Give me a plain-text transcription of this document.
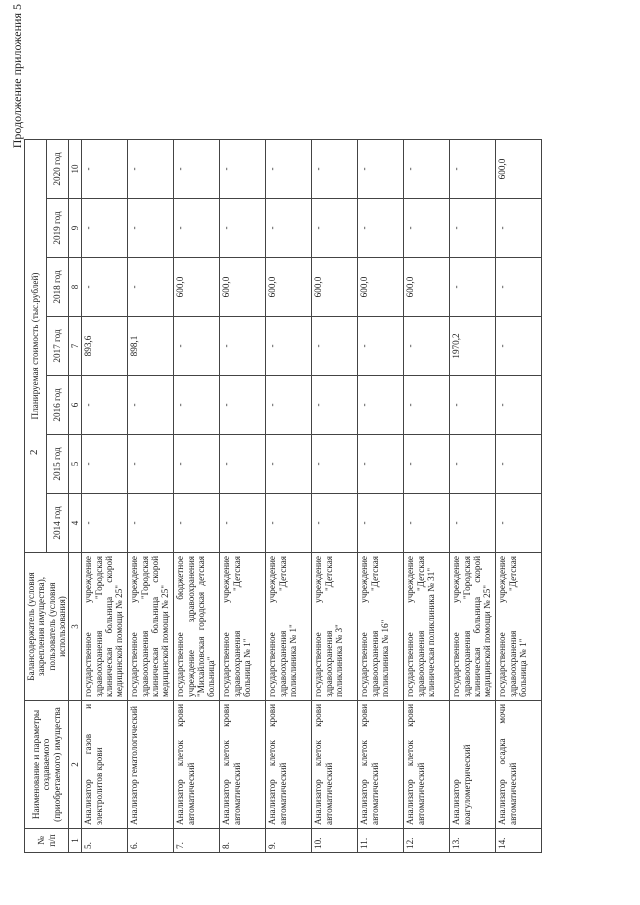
2
Продолжение приложения 5
№ п/п	Наименование и параметры создаваемого (приобретаемого) имущества	Балансодержатель (условия закрепления имущества), пользователь (условия использования)	Планируемая стоимость (тыс.рублей)						
			2014 год	2015 год	2016 год	2017 год	2018 год	2019 год	2020 год
1	2	3	4	5	6	7	8	9	10
5.	Анализатор газов и электролитов крови	государственное учреждение здравоохранения "Городская клиническая больница скорой медицинской помощи № 25"	-	-	-	893,6	-	-	-
6.	Анализатор гематологический	государственное учреждение здравоохранения "Городская клиническая больница скорой медицинской помощи № 25"	-	-	-	898,1	-	-	-
7.	Анализатор клеток крови автоматический	государственное бюджетное учреждение здравоохранения "Михайловская городская детская больница"	-	-	-	-	600,0	-	-
8.	Анализатор клеток крови автоматический	государственное учреждение здравоохранения "Детская больница № 1"	-	-	-	-	600,0	-	-
9.	Анализатор клеток крови автоматический	государственное учреждение здравоохранения "Детская поликлиника № 1"	-	-	-	-	600,0	-	-
10.	Анализатор клеток крови автоматический	государственное учреждение здравоохранения "Детская поликлиника № 3"	-	-	-	-	600,0	-	-
11.	Анализатор клеток крови автоматический	государственное учреждение здравоохранения "Детская поликлиника № 16"	-	-	-	-	600,0	-	-
12.	Анализатор клеток крови автоматический	государственное учреждение здравоохранения "Детская клиническая поликлиника № 31"	-	-	-	-	600,0	-	-
13.	Анализатор коагулометрический	государственное учреждение здравоохранения "Городская клиническая больница скорой медицинской помощи № 25"	-	-	-	1970,2	-	-	-
14.	Анализатор осадка мочи автоматический	государственное учреждение здравоохранения "Детская больница № 1"	-	-	-	-	-	-	600,0
